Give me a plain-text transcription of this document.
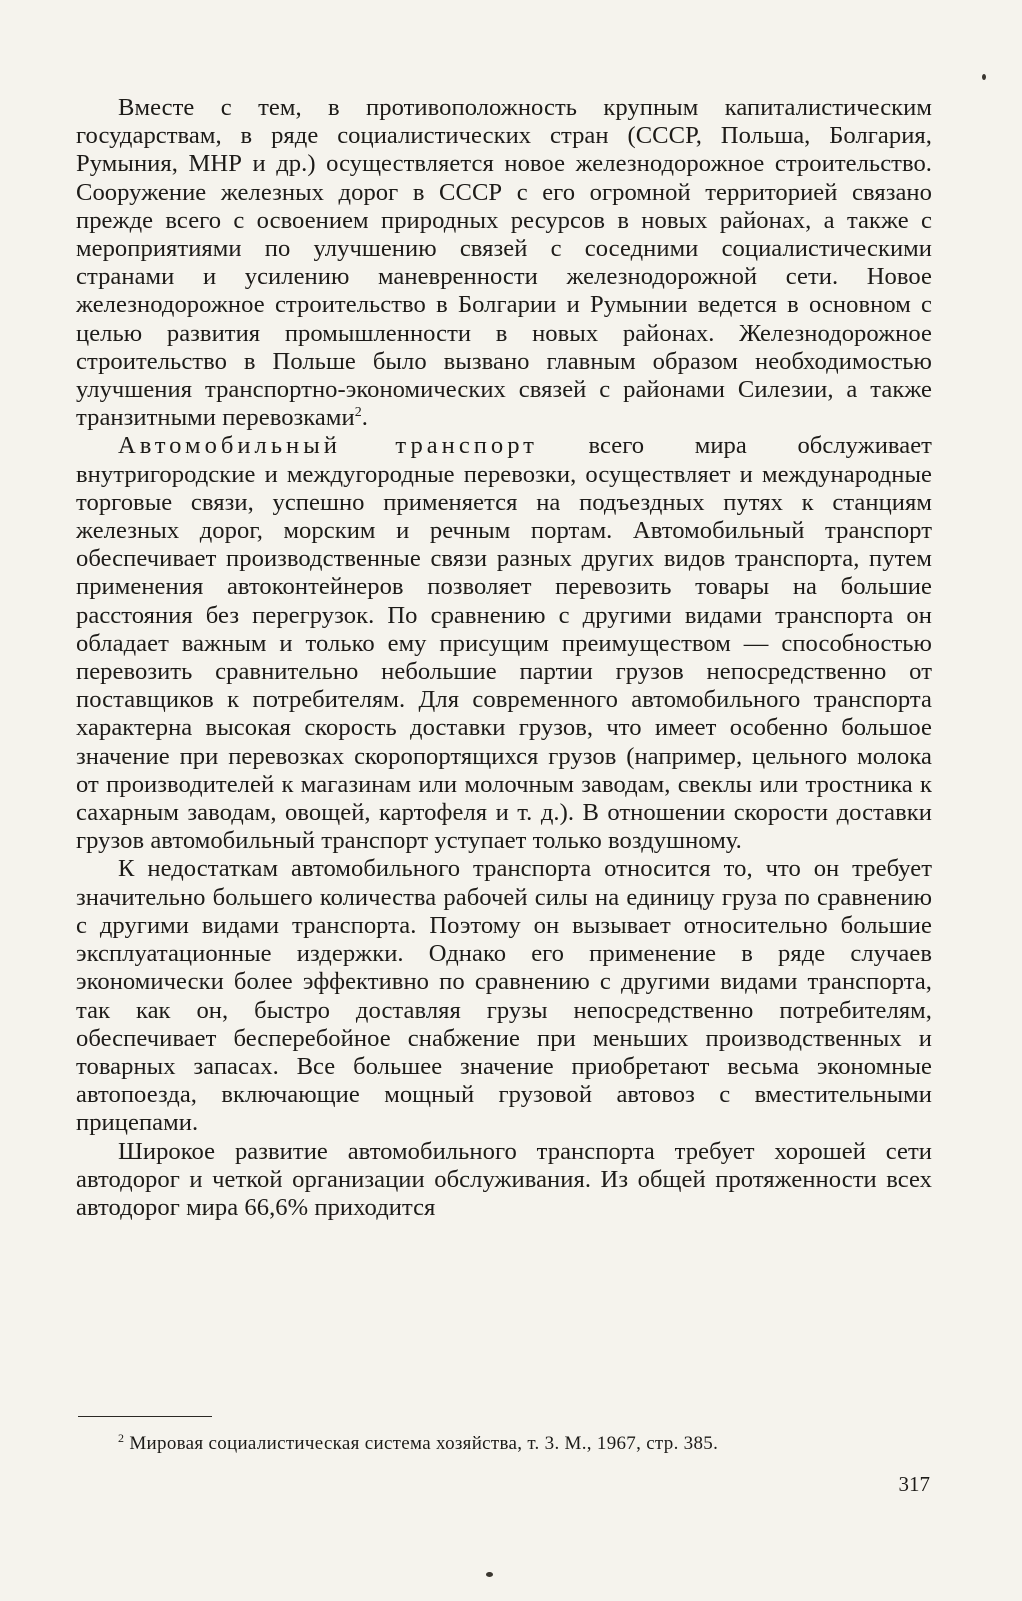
Вместе с тем, в противоположность крупным капиталистическим государствам, в ряде социалистических стран (СССР, Польша, Болгария, Румыния, МНР и др.) осуществляется новое железнодорожное строительство. Сооружение железных дорог в СССР с его огромной территорией связано прежде всего с освоением природных ресурсов в новых районах, а также с мероприятиями по улучшению связей с соседними социалистическими странами и усилению маневренности железнодорожной сети. Новое железнодорожное строительство в Болгарии и Румынии ведется в основном с целью развития промышленности в новых районах. Железнодорожное строительство в Польше было вызвано главным образом необходимостью улучшения транспортно-экономических связей с районами Силезии, а также транзитными перевозками$^2$.

Автомобильный транспорт всего мира обслуживает внутригородские и междугородные перевозки, осуществляет и международные торговые связи, успешно применяется на подъездных путях к станциям железных дорог, морским и речным портам. Автомобильный транспорт обеспечивает производственные связи разных других видов транспорта, путем применения автоконтейнеров позволяет перевозить товары на большие расстояния без перегрузок. По сравнению с другими видами транспорта он обладает важным и только ему присущим преимуществом — способностью перевозить сравнительно небольшие партии грузов непосредственно от поставщиков к потребителям. Для современного автомобильного транспорта характерна высокая скорость доставки грузов, что имеет особенно большое значение при перевозках скоропортящихся грузов (например, цельного молока от производителей к магазинам или молочным заводам, свеклы или тростника к сахарным заводам, овощей, картофеля и т. д.). В отношении скорости доставки грузов автомобильный транспорт уступает только воздушному.

К недостаткам автомобильного транспорта относится то, что он требует значительно большего количества рабочей силы на единицу груза по сравнению с другими видами транспорта. Поэтому он вызывает относительно большие эксплуатационные издержки. Однако его применение в ряде случаев экономически более эффективно по сравнению с другими видами транспорта, так как он, быстро доставляя грузы непосредственно потребителям, обеспечивает бесперебойное снабжение при меньших производственных и товарных запасах. Все большее значение приобретают весьма экономные автопоезда, включающие мощный грузовой автовоз с вместительными прицепами.

Широкое развитие автомобильного транспорта требует хорошей сети автодорог и четкой организации обслуживания. Из общей протяженности всех автодорог мира 66,6% приходится

$^2$ Мировая социалистическая система хозяйства, т. 3. М., 1967, стр. 385.

317
